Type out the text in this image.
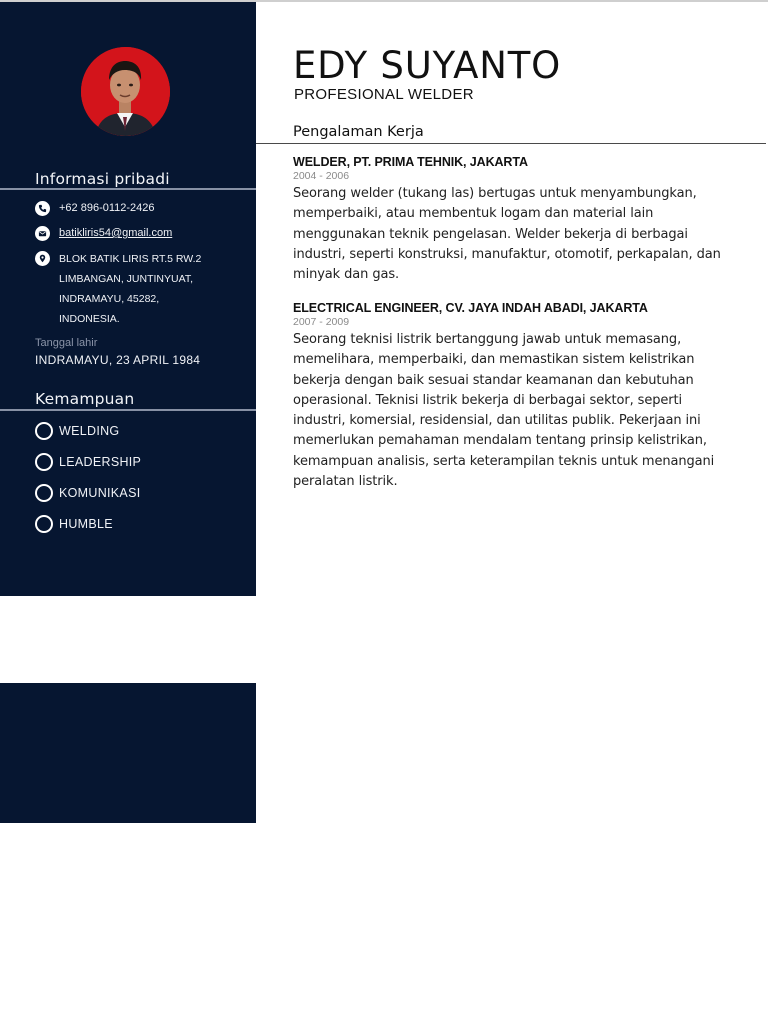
Informasi pribadi
+62 896-0112-2426
batikliris54@gmail.com
BLOK BATIK LIRIS RT.5 RW.2
LIMBANGAN, JUNTINYUAT,
INDRAMAYU, 45282,
INDONESIA.
Tanggal lahir
INDRAMAYU, 23 APRIL 1984
Kemampuan
WELDING
LEADERSHIP
KOMUNIKASI
HUMBLE
EDY SUYANTO
PROFESIONAL WELDER
Pengalaman Kerja
WELDER, PT. PRIMA TEHNIK, JAKARTA
2004 - 2006
Seorang welder (tukang las) bertugas untuk menyambungkan, memperbaiki, atau membentuk logam dan material lain menggunakan teknik pengelasan. Welder bekerja di berbagai industri, seperti konstruksi, manufaktur, otomotif, perkapalan, dan minyak dan gas.
ELECTRICAL ENGINEER, CV. JAYA INDAH ABADI, JAKARTA
2007 - 2009
Seorang teknisi listrik bertanggung jawab untuk memasang, memelihara, memperbaiki, dan memastikan sistem kelistrikan bekerja dengan baik sesuai standar keamanan dan kebutuhan operasional. Teknisi listrik bekerja di berbagai sektor, seperti industri, komersial, residensial, dan utilitas publik. Pekerjaan ini memerlukan pemahaman mendalam tentang prinsip kelistrikan, kemampuan analisis, serta keterampilan teknis untuk menangani peralatan listrik.
